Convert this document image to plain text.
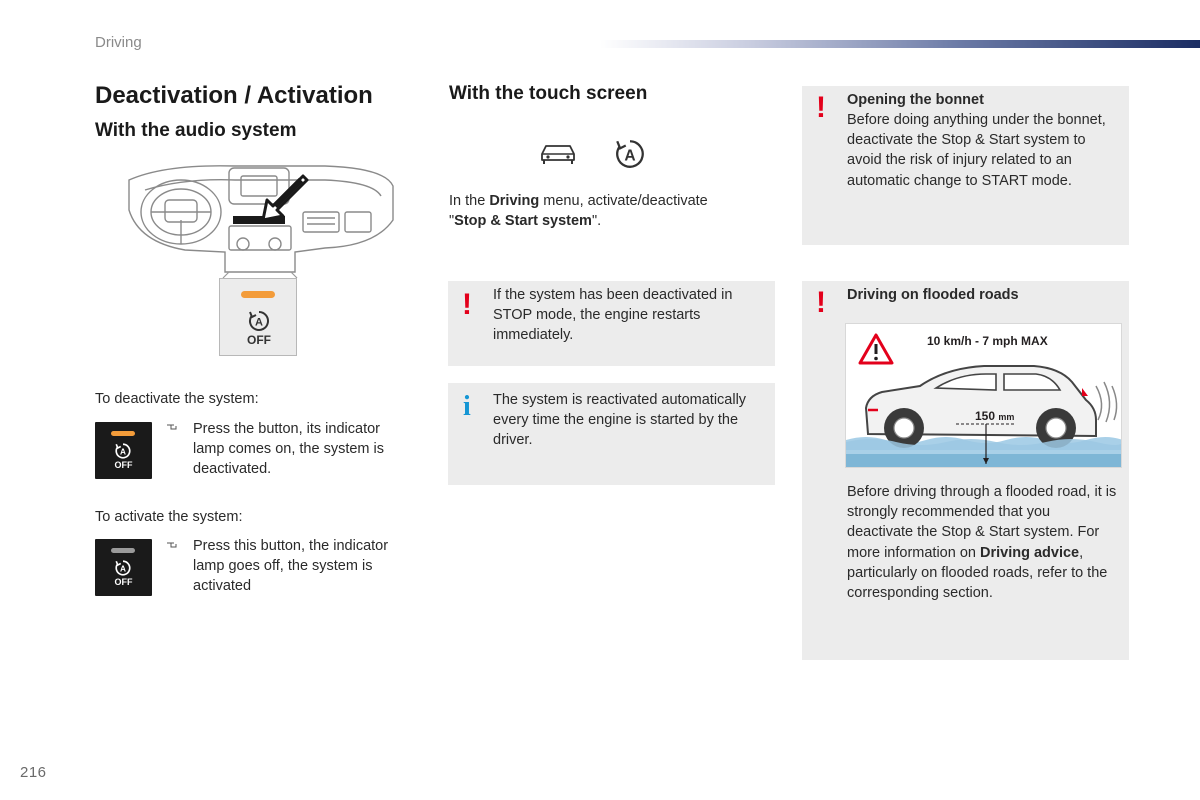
Driving
Deactivation / Activation
With the audio system
A
OFF
To deactivate the system:
A
OFF
Press the button, its indicator lamp comes on, the system is deactivated.
To activate the system:
A
OFF
Press this button, the indicator lamp goes off, the system is activated
With the touch screen
A
In the Driving menu, activate/deactivate
"Stop & Start system".
! If the system has been deactivated in STOP mode, the engine restarts immediately.
i The system is reactivated automatically every time the engine is started by the driver.
! Opening the bonnet
Before doing anything under the bonnet, deactivate the Stop & Start system to avoid the risk of injury related to an automatic change to START mode.
! Driving on flooded roads
10 km/h - 7 mph MAX
150 mm
Before driving through a flooded road, it is strongly recommended that you deactivate the Stop & Start system. For more information on Driving advice, particularly on flooded roads, refer to the corresponding section.
216
